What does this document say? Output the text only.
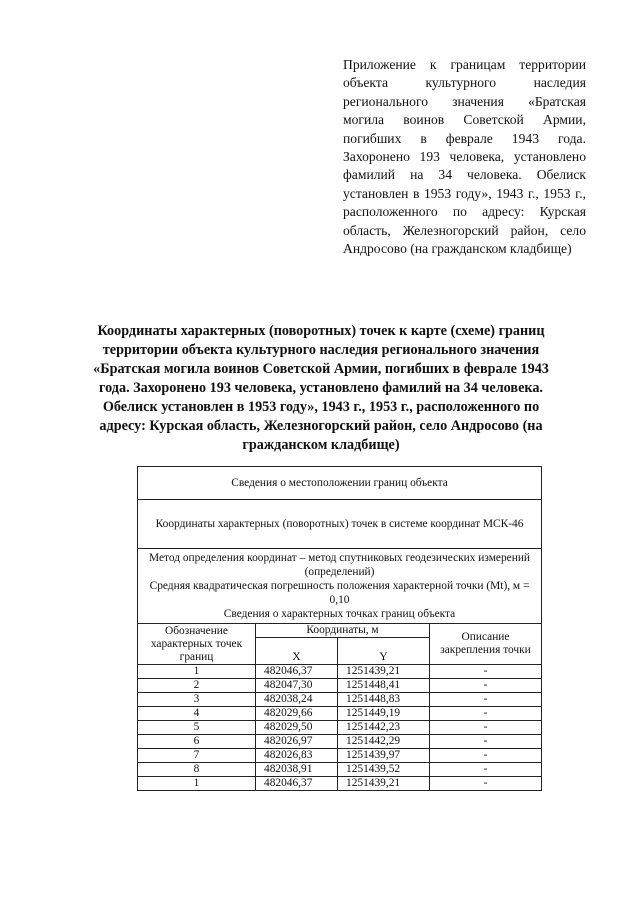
Приложение к границам территории объекта культурного наследия регионального значения «Братская могила воинов Советской Армии, погибших в феврале 1943 года. Захоронено 193 человека, установлено фамилий на 34 человека. Обелиск установлен в 1953 году», 1943 г., 1953 г., расположенного по адресу: Курская область, Железногорский район, село Андросово (на гражданском кладбище)
Координаты характерных (поворотных) точек к карте (схеме) границ территории объекта культурного наследия регионального значения «Братская могила воинов Советской Армии, погибших в феврале 1943 года. Захоронено 193 человека, установлено фамилий на 34 человека. Обелиск установлен в 1953 году», 1943 г., 1953 г., расположенного по адресу: Курская область, Железногорский район, село Андросово (на гражданском кладбище)
Сведения о местоположении границ объекта			
Координаты характерных (поворотных) точек в системе координат МСК-46			

Метод определения координат – метод спутниковых геодезических измерений (определений)
Средняя квадратическая погрешность положения характерной точки (Mt), м = 0,10
Сведения о характерных точках границ объекта			

Обозначение характерных точек границ	Координаты, м		Описание закрепления точки
	X	Y	
1	482046,37	1251439,21	-
2	482047,30	1251448,41	-
3	482038,24	1251448,83	-
4	482029,66	1251449,19	-
5	482029,50	1251442,23	-
6	482026,97	1251442,29	-
7	482026,83	1251439,97	-
8	482038,91	1251439,52	-
1	482046,37	1251439,21	-
